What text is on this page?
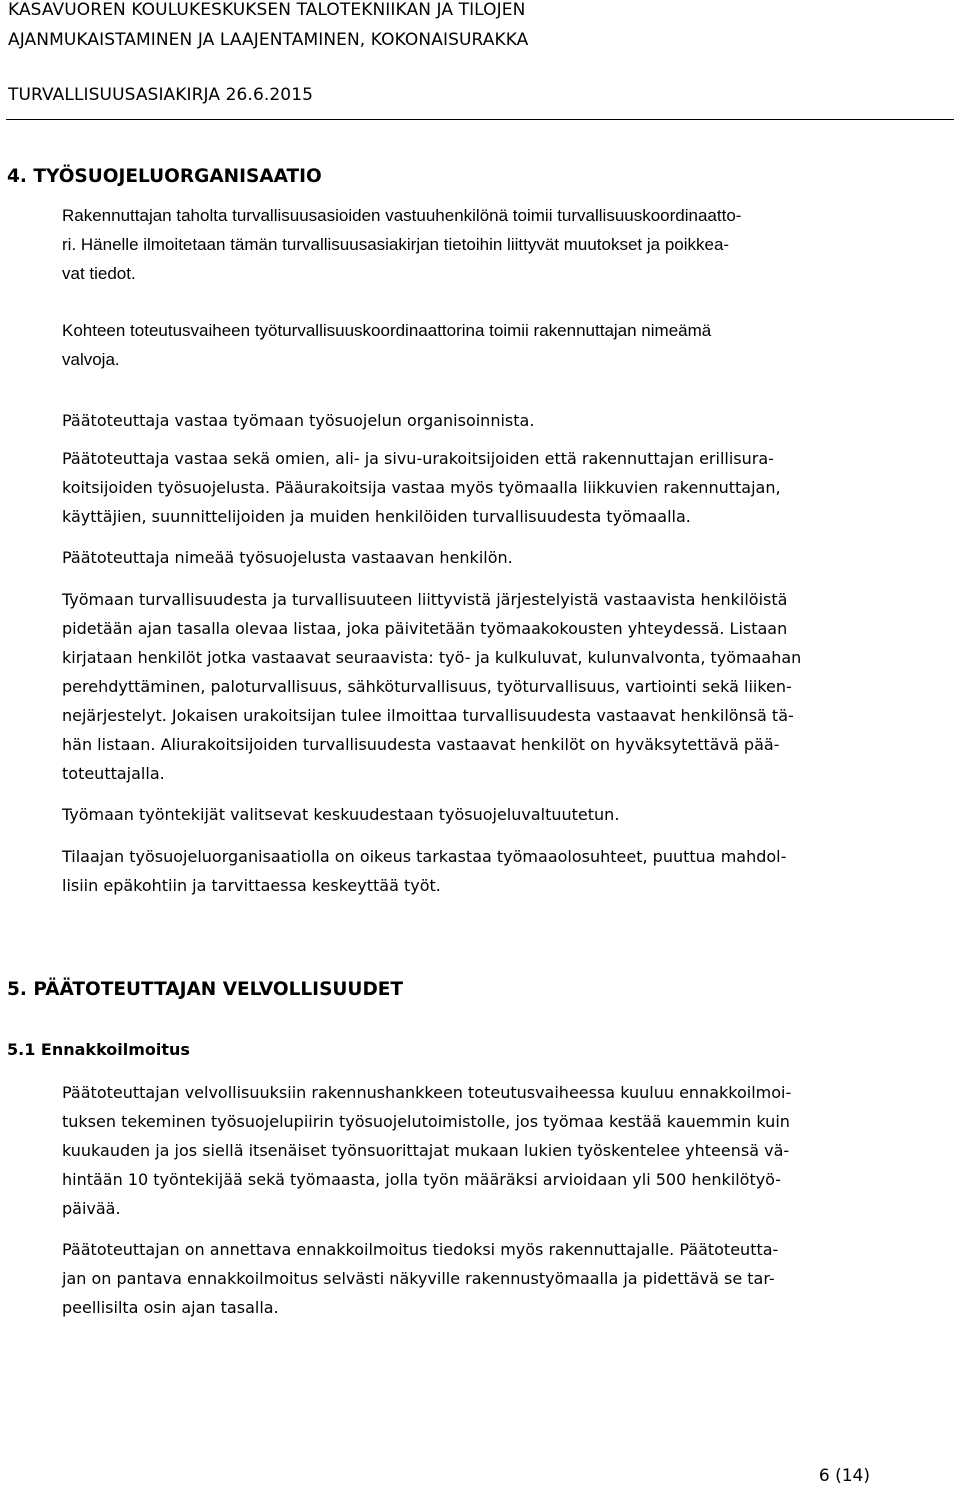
KASAVUOREN KOULUKESKUKSEN TALOTEKNIIKAN JA TILOJEN
AJANMUKAISTAMINEN JA LAAJENTAMINEN, KOKONAISURAKKA
TURVALLISUUSASIAKIRJA 26.6.2015
4. TYÖSUOJELUORGANISAATIO
Rakennuttajan taholta turvallisuusasioiden vastuuhenkilönä toimii turvallisuuskoordinaatto-
ri. Hänelle ilmoitetaan tämän turvallisuusasiakirjan tietoihin liittyvät muutokset ja poikkea-
vat tiedot.
Kohteen toteutusvaiheen työturvallisuuskoordinaattorina toimii rakennuttajan nimeämä
valvoja.
Päätoteuttaja vastaa työmaan työsuojelun organisoinnista.
Päätoteuttaja vastaa sekä omien, ali- ja sivu-urakoitsijoiden että rakennuttajan erillisura-
koitsijoiden työsuojelusta. Pääurakoitsija vastaa myös työmaalla liikkuvien rakennuttajan,
käyttäjien, suunnittelijoiden ja muiden henkilöiden turvallisuudesta työmaalla.
Päätoteuttaja nimeää työsuojelusta vastaavan henkilön.
Työmaan turvallisuudesta ja turvallisuuteen liittyvistä järjestelyistä vastaavista henkilöistä
pidetään ajan tasalla olevaa listaa, joka päivitetään työmaakokousten yhteydessä. Listaan
kirjataan henkilöt jotka vastaavat seuraavista: työ- ja kulkuluvat, kulunvalvonta, työmaahan
perehdyttäminen, paloturvallisuus, sähköturvallisuus, työturvallisuus, vartiointi sekä liiken-
nejärjestelyt. Jokaisen urakoitsijan tulee ilmoittaa turvallisuudesta vastaavat henkilönsä tä-
hän listaan. Aliurakoitsijoiden turvallisuudesta vastaavat henkilöt on hyväksytettävä pää-
toteuttajalla.
Työmaan työntekijät valitsevat keskuudestaan työsuojeluvaltuutetun.
Tilaajan työsuojeluorganisaatiolla on oikeus tarkastaa työmaaolosuhteet, puuttua mahdol-
lisiin epäkohtiin ja tarvittaessa keskeyttää työt.
5. PÄÄTOTEUTTAJAN VELVOLLISUUDET
5.1 Ennakkoilmoitus
Päätoteuttajan velvollisuuksiin rakennushankkeen toteutusvaiheessa kuuluu ennakkoilmoi-
tuksen tekeminen työsuojelupiirin työsuojelutoimistolle, jos työmaa kestää kauemmin kuin
kuukauden ja jos siellä itsenäiset työnsuorittajat mukaan lukien työskentelee yhteensä vä-
hintään 10 työntekijää sekä työmaasta, jolla työn määräksi arvioidaan yli 500 henkilötyö-
päivää.
Päätoteuttajan on annettava ennakkoilmoitus tiedoksi myös rakennuttajalle. Päätoteutta-
jan on pantava ennakkoilmoitus selvästi näkyville rakennustyömaalla ja pidettävä se tar-
peellisilta osin ajan tasalla.
6 (14)
